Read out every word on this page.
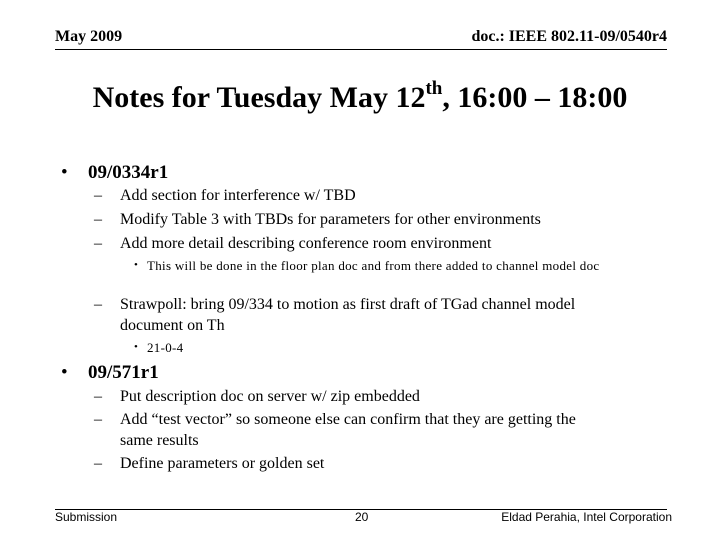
May 2009	doc.: IEEE 802.11-09/0540r4
Notes for Tuesday May 12th, 16:00 – 18:00
• 09/0334r1
– Add section for interference w/ TBD
– Modify Table 3 with TBDs for parameters for other environments
– Add more detail describing conference room environment
• This will be done in the floor plan doc and from there added to channel model doc
– Strawpoll: bring 09/334 to motion as first draft of TGad channel model
document on Th
• 21-0-4
• 09/571r1
– Put description doc on server w/ zip embedded
– Add “test vector” so someone else can confirm that they are getting the
same results
– Define parameters or golden set
Submission	20	Eldad Perahia, Intel Corporation
